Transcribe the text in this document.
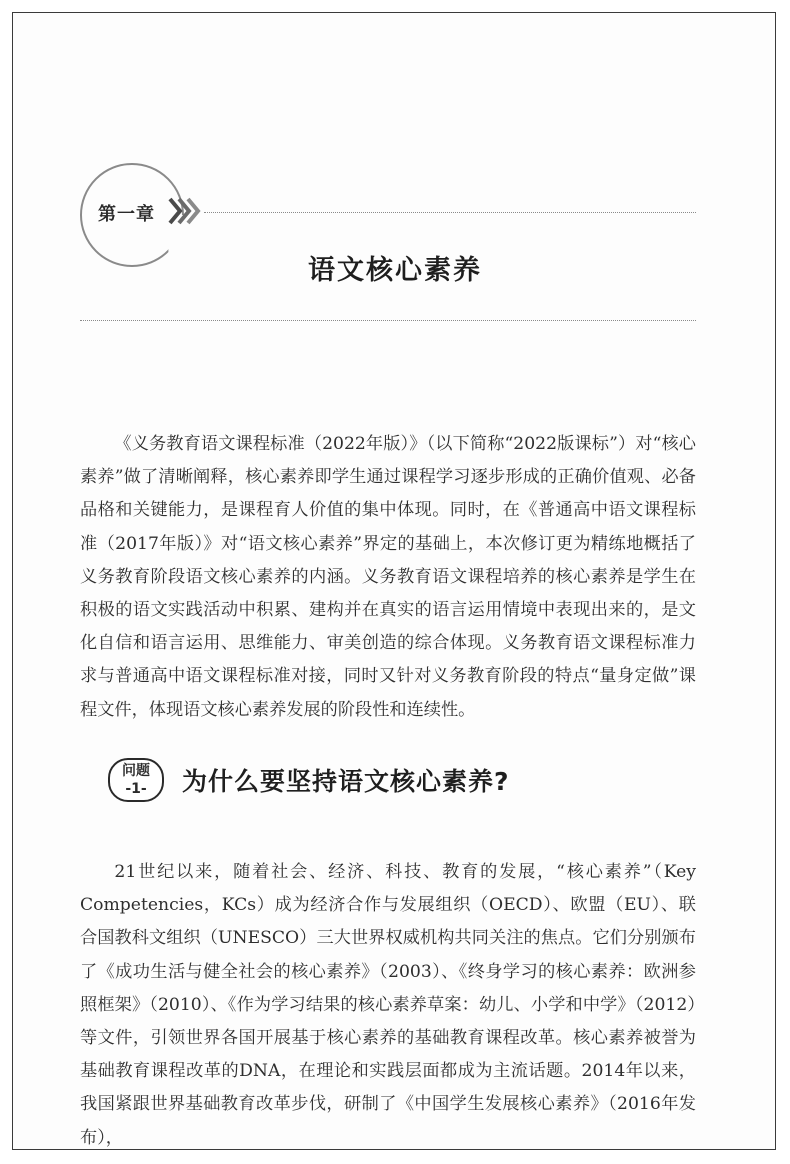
第一章
语文核心素养

《义务教育语文课程标准（2022年版）》（以下简称“2022版课标”）对“核心素养”做了清晰阐释，核心素养即学生通过课程学习逐步形成的正确价值观、必备品格和关键能力，是课程育人价值的集中体现。同时，在《普通高中语文课程标准（2017年版）》对“语文核心素养”界定的基础上，本次修订更为精练地概括了义务教育阶段语文核心素养的内涵。义务教育语文课程培养的核心素养是学生在积极的语文实践活动中积累、建构并在真实的语言运用情境中表现出来的，是文化自信和语言运用、思维能力、审美创造的综合体现。义务教育语文课程标准力求与普通高中语文课程标准对接，同时又针对义务教育阶段的特点“量身定做”课程文件，体现语文核心素养发展的阶段性和连续性。

问题
-1-	为什么要坚持语文核心素养?

21世纪以来，随着社会、经济、科技、教育的发展，“核心素养”（Key Competencies，KCs）成为经济合作与发展组织（OECD）、欧盟（EU）、联合国教科文组织（UNESCO）三大世界权威机构共同关注的焦点。它们分别颁布了《成功生活与健全社会的核心素养》（2003）、《终身学习的核心素养：欧洲参照框架》（2010）、《作为学习结果的核心素养草案：幼儿、小学和中学》（2012）等文件，引领世界各国开展基于核心素养的基础教育课程改革。核心素养被誉为基础教育课程改革的DNA，在理论和实践层面都成为主流话题。2014年以来，我国紧跟世界基础教育改革步伐，研制了《中国学生发展核心素养》（2016年发布），
